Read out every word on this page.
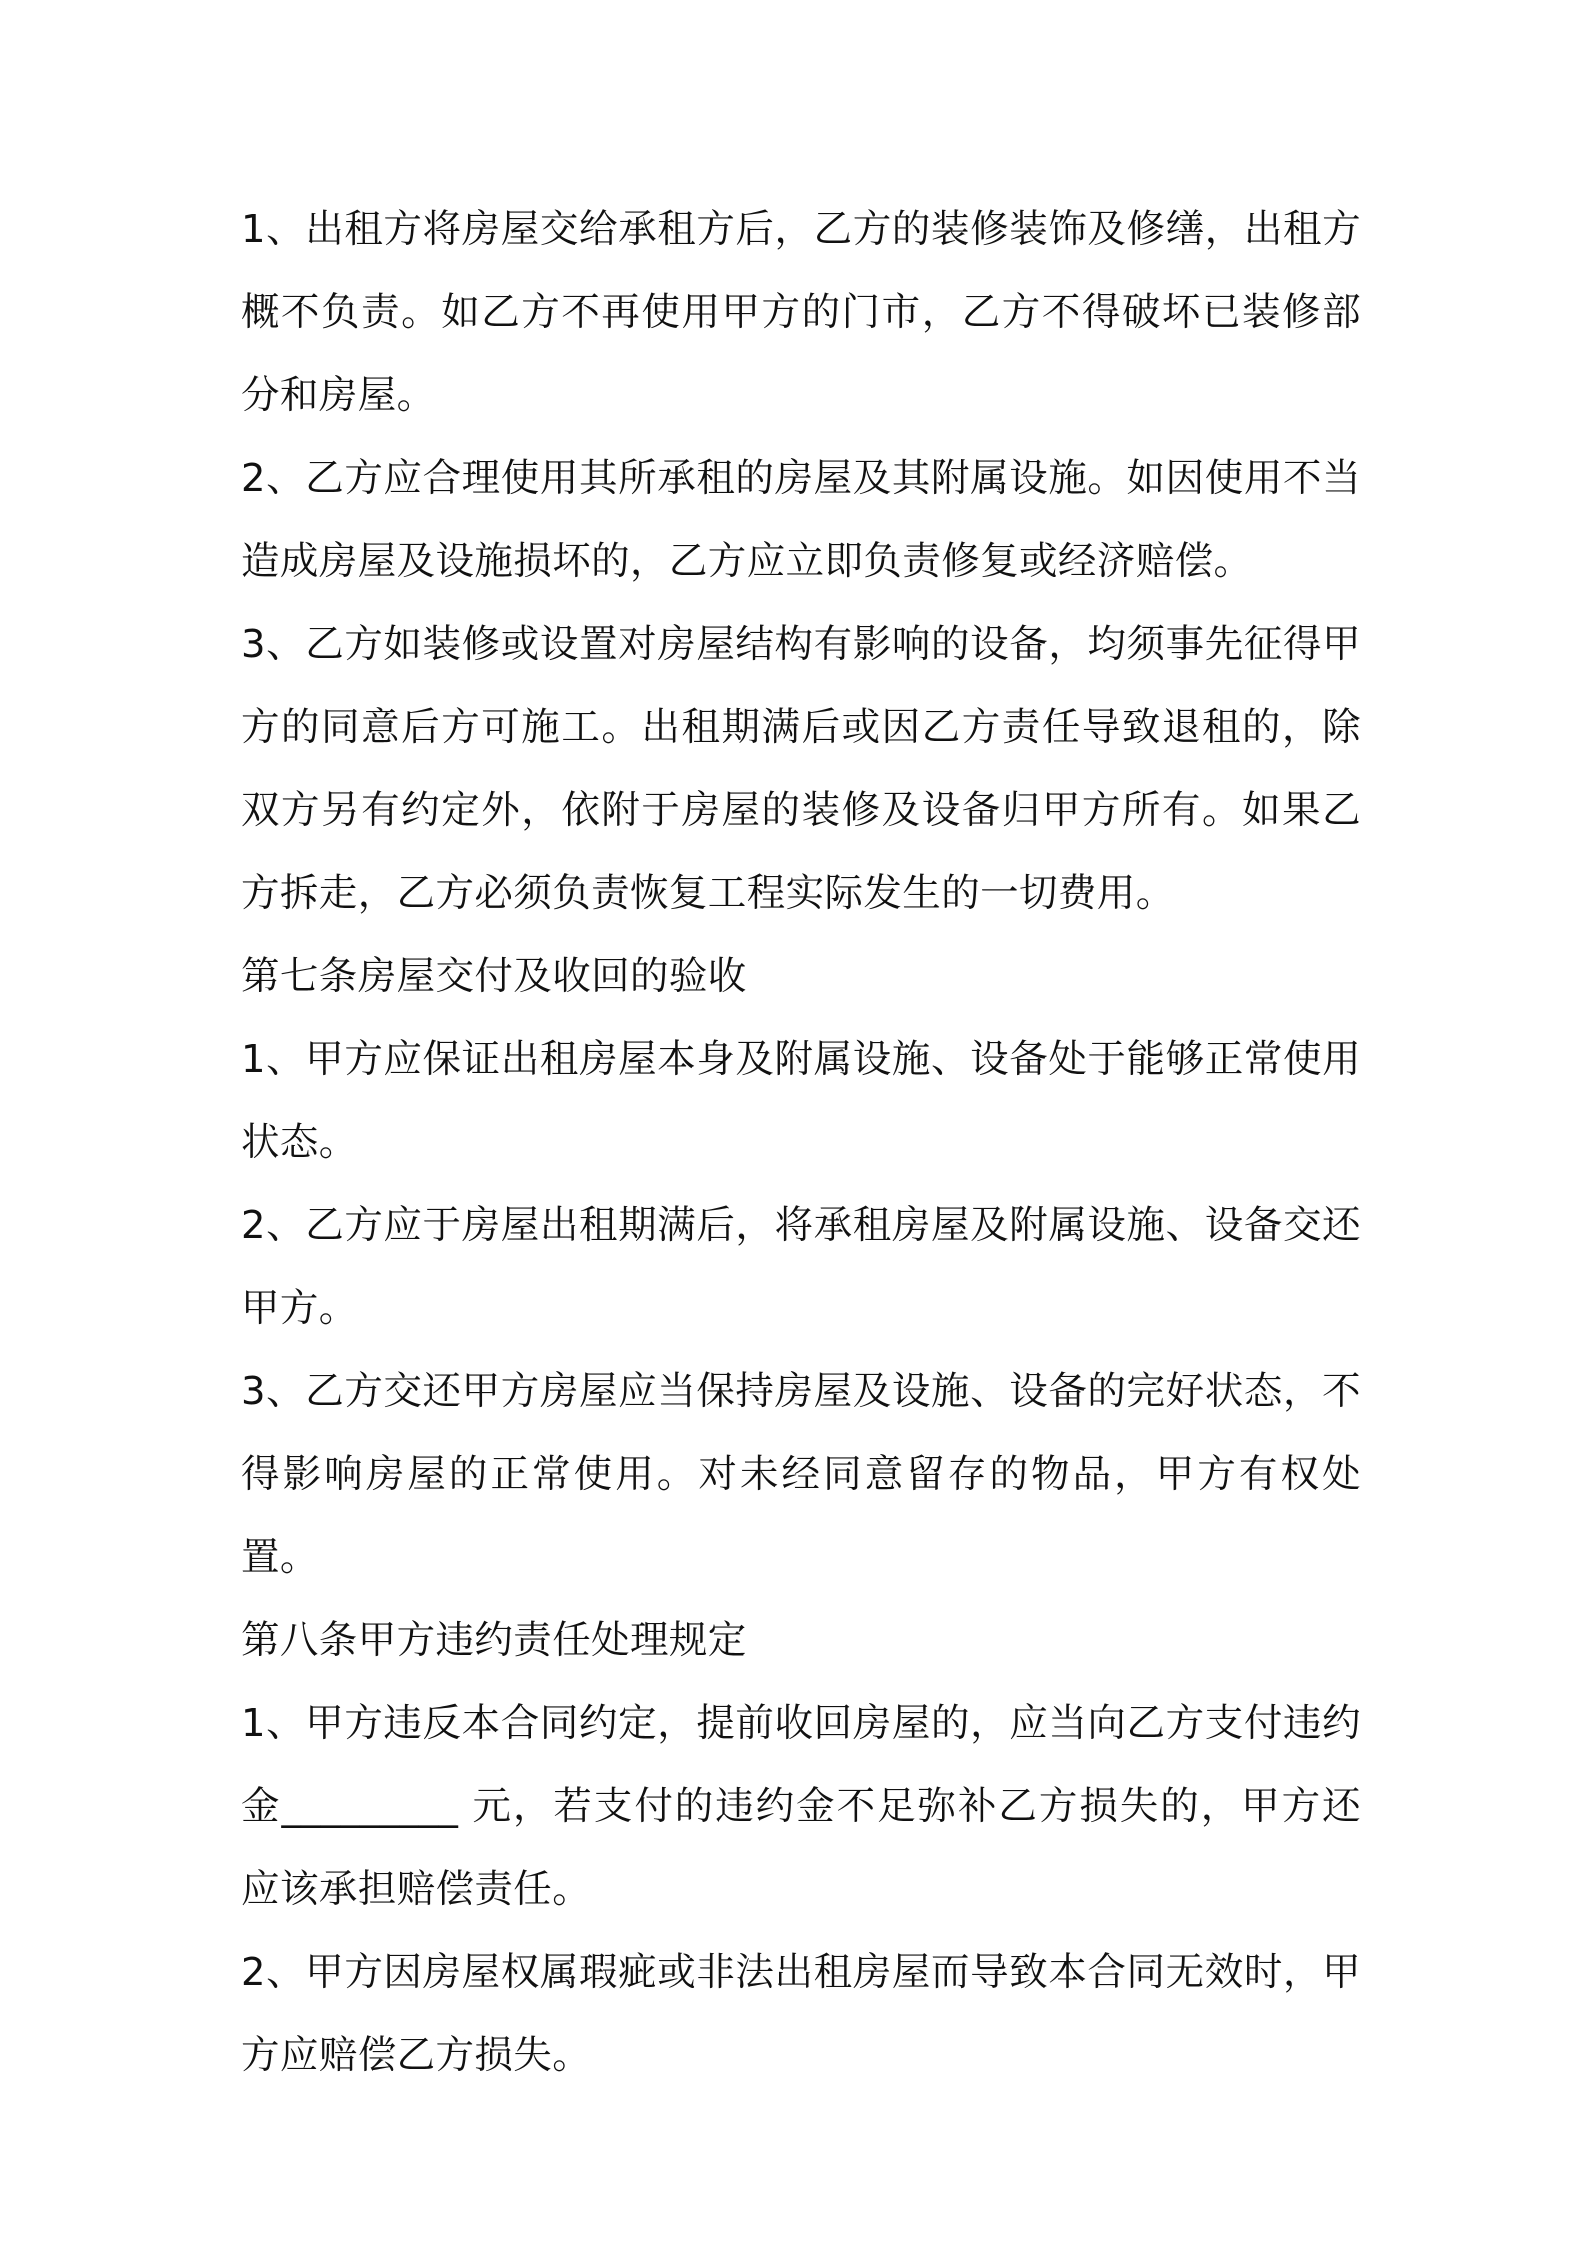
1、出租方将房屋交给承租方后，乙方的装修装饰及修缮，出租方概不负责。如乙方不再使用甲方的门市，乙方不得破坏已装修部分和房屋。

2、乙方应合理使用其所承租的房屋及其附属设施。如因使用不当造成房屋及设施损坏的，乙方应立即负责修复或经济赔偿。

3、乙方如装修或设置对房屋结构有影响的设备，均须事先征得甲方的同意后方可施工。出租期满后或因乙方责任导致退租的，除双方另有约定外，依附于房屋的装修及设备归甲方所有。如果乙方拆走，乙方必须负责恢复工程实际发生的一切费用。

第七条房屋交付及收回的验收

1、甲方应保证出租房屋本身及附属设施、设备处于能够正常使用状态。

2、乙方应于房屋出租期满后，将承租房屋及附属设施、设备交还甲方。

3、乙方交还甲方房屋应当保持房屋及设施、设备的完好状态，不得影响房屋的正常使用。对未经同意留存的物品，甲方有权处置。

第八条甲方违约责任处理规定

1、甲方违反本合同约定，提前收回房屋的，应当向乙方支付违约金_________ 元，若支付的违约金不足弥补乙方损失的，甲方还应该承担赔偿责任。

2、甲方因房屋权属瑕疵或非法出租房屋而导致本合同无效时，甲方应赔偿乙方损失。
